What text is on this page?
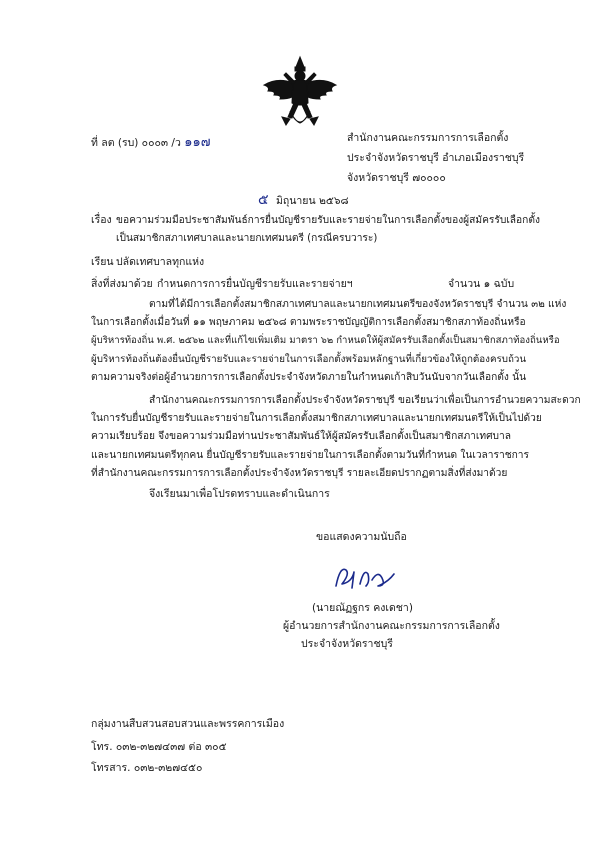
ที่ ลต (รบ) ๐๐๐๓ /ว ๑๑๗	สำนักงานคณะกรรมการการเลือกตั้ง
ประจำจังหวัดราชบุรี อำเภอเมืองราชบุรี
จังหวัดราชบุรี ๗๐๐๐๐
๕ มิถุนายน ๒๕๖๘
เรื่อง ขอความร่วมมือประชาสัมพันธ์การยื่นบัญชีรายรับและรายจ่ายในการเลือกตั้งของผู้สมัครรับเลือกตั้ง
เป็นสมาชิกสภาเทศบาลและนายกเทศมนตรี (กรณีครบวาระ)
เรียน ปลัดเทศบาลทุกแห่ง
สิ่งที่ส่งมาด้วย กำหนดการการยื่นบัญชีรายรับและรายจ่ายฯ	จำนวน ๑ ฉบับ
ตามที่ได้มีการเลือกตั้งสมาชิกสภาเทศบาลและนายกเทศมนตรีของจังหวัดราชบุรี จำนวน ๓๒ แห่ง
ในการเลือกตั้งเมื่อวันที่ ๑๑ พฤษภาคม ๒๕๖๘ ตามพระราชบัญญัติการเลือกตั้งสมาชิกสภาท้องถิ่นหรือ
ผู้บริหารท้องถิ่น พ.ศ. ๒๕๖๒ และที่แก้ไขเพิ่มเติม มาตรา ๖๒ กำหนดให้ผู้สมัครรับเลือกตั้งเป็นสมาชิกสภาท้องถิ่นหรือ
ผู้บริหารท้องถิ่นต้องยื่นบัญชีรายรับและรายจ่ายในการเลือกตั้งพร้อมหลักฐานที่เกี่ยวข้องให้ถูกต้องครบถ้วน
ตามความจริงต่อผู้อำนวยการการเลือกตั้งประจำจังหวัดภายในกำหนดเก้าสิบวันนับจากวันเลือกตั้ง นั้น
สำนักงานคณะกรรมการการเลือกตั้งประจำจังหวัดราชบุรี ขอเรียนว่าเพื่อเป็นการอำนวยความสะดวก
ในการรับยื่นบัญชีรายรับและรายจ่ายในการเลือกตั้งสมาชิกสภาเทศบาลและนายกเทศมนตรีให้เป็นไปด้วย
ความเรียบร้อย จึงขอความร่วมมือท่านประชาสัมพันธ์ให้ผู้สมัครรับเลือกตั้งเป็นสมาชิกสภาเทศบาล
และนายกเทศมนตรีทุกคน ยื่นบัญชีรายรับและรายจ่ายในการเลือกตั้งตามวันที่กำหนด ในเวลาราชการ
ที่สำนักงานคณะกรรมการการเลือกตั้งประจำจังหวัดราชบุรี รายละเอียดปรากฏตามสิ่งที่ส่งมาด้วย
จึงเรียนมาเพื่อโปรดทราบและดำเนินการ
ขอแสดงความนับถือ
(นายณัฏฐกร คงเดชา)
ผู้อำนวยการสำนักงานคณะกรรมการการเลือกตั้ง
ประจำจังหวัดราชบุรี
กลุ่มงานสืบสวนสอบสวนและพรรคการเมือง
โทร. ๐๓๒-๓๒๗๔๓๗ ต่อ ๓๐๕
โทรสาร. ๐๓๒-๓๒๗๔๕๐
